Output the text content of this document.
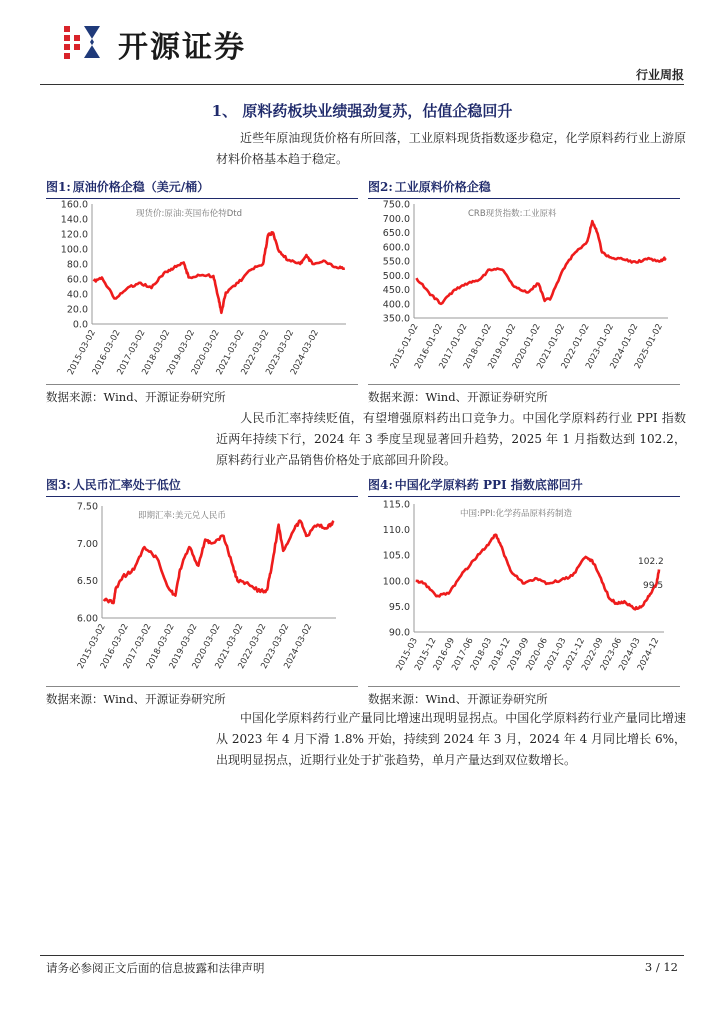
开源证券
行业周报
1、 原料药板块业绩强劲复苏，估值企稳回升
近些年原油现货价格有所回落，工业原料现货指数逐步稳定，化学原料药行业上游原材料价格基本趋于稳定。
图1: 原油价格企稳（美元/桶）
0.0
20.0
40.0
60.0
80.0
100.0
120.0
140.0
160.0
2015-03-02
2016-03-02
2017-03-02
2018-03-02
2019-03-02
2020-03-02
2021-03-02
2022-03-02
2023-03-02
2024-03-02
现货价:原油:英国布伦特Dtd
数据来源：Wind、开源证券研究所
图2: 工业原料价格企稳
350.0
400.0
450.0
500.0
550.0
600.0
650.0
700.0
750.0
2015-01-02
2016-01-02
2017-01-02
2018-01-02
2019-01-02
2020-01-02
2021-01-02
2022-01-02
2023-01-02
2024-01-02
2025-01-02
CRB现货指数:工业原料
数据来源：Wind、开源证券研究所
人民币汇率持续贬值，有望增强原料药出口竞争力。中国化学原料药行业 PPI 指数近两年持续下行，2024 年 3 季度呈现显著回升趋势，2025 年 1 月指数达到 102.2，原料药行业产品销售价格处于底部回升阶段。
图3: 人民币汇率处于低位
6.00
6.50
7.00
7.50
2015-03-02
2016-03-02
2017-03-02
2018-03-02
2019-03-02
2020-03-02
2021-03-02
2022-03-02
2023-03-02
2024-03-02
即期汇率:美元兑人民币
数据来源：Wind、开源证券研究所
图4: 中国化学原料药 PPI 指数底部回升
90.0
95.0
100.0
105.0
110.0
115.0
2015-03
2015-12
2016-09
2017-06
2018-03
2018-12
2019-09
2020-06
2021-03
2021-12
2022-09
2023-06
2024-03
2024-12
中国:PPI:化学药品原料药制造
102.2
99.5
数据来源：Wind、开源证券研究所
中国化学原料药行业产量同比增速出现明显拐点。中国化学原料药行业产量同比增速从 2023 年 4 月下滑 1.8% 开始，持续到 2024 年 3 月，2024 年 4 月同比增长 6%，出现明显拐点，近期行业处于扩张趋势，单月产量达到双位数增长。
请务必参阅正文后面的信息披露和法律声明	3 / 12
